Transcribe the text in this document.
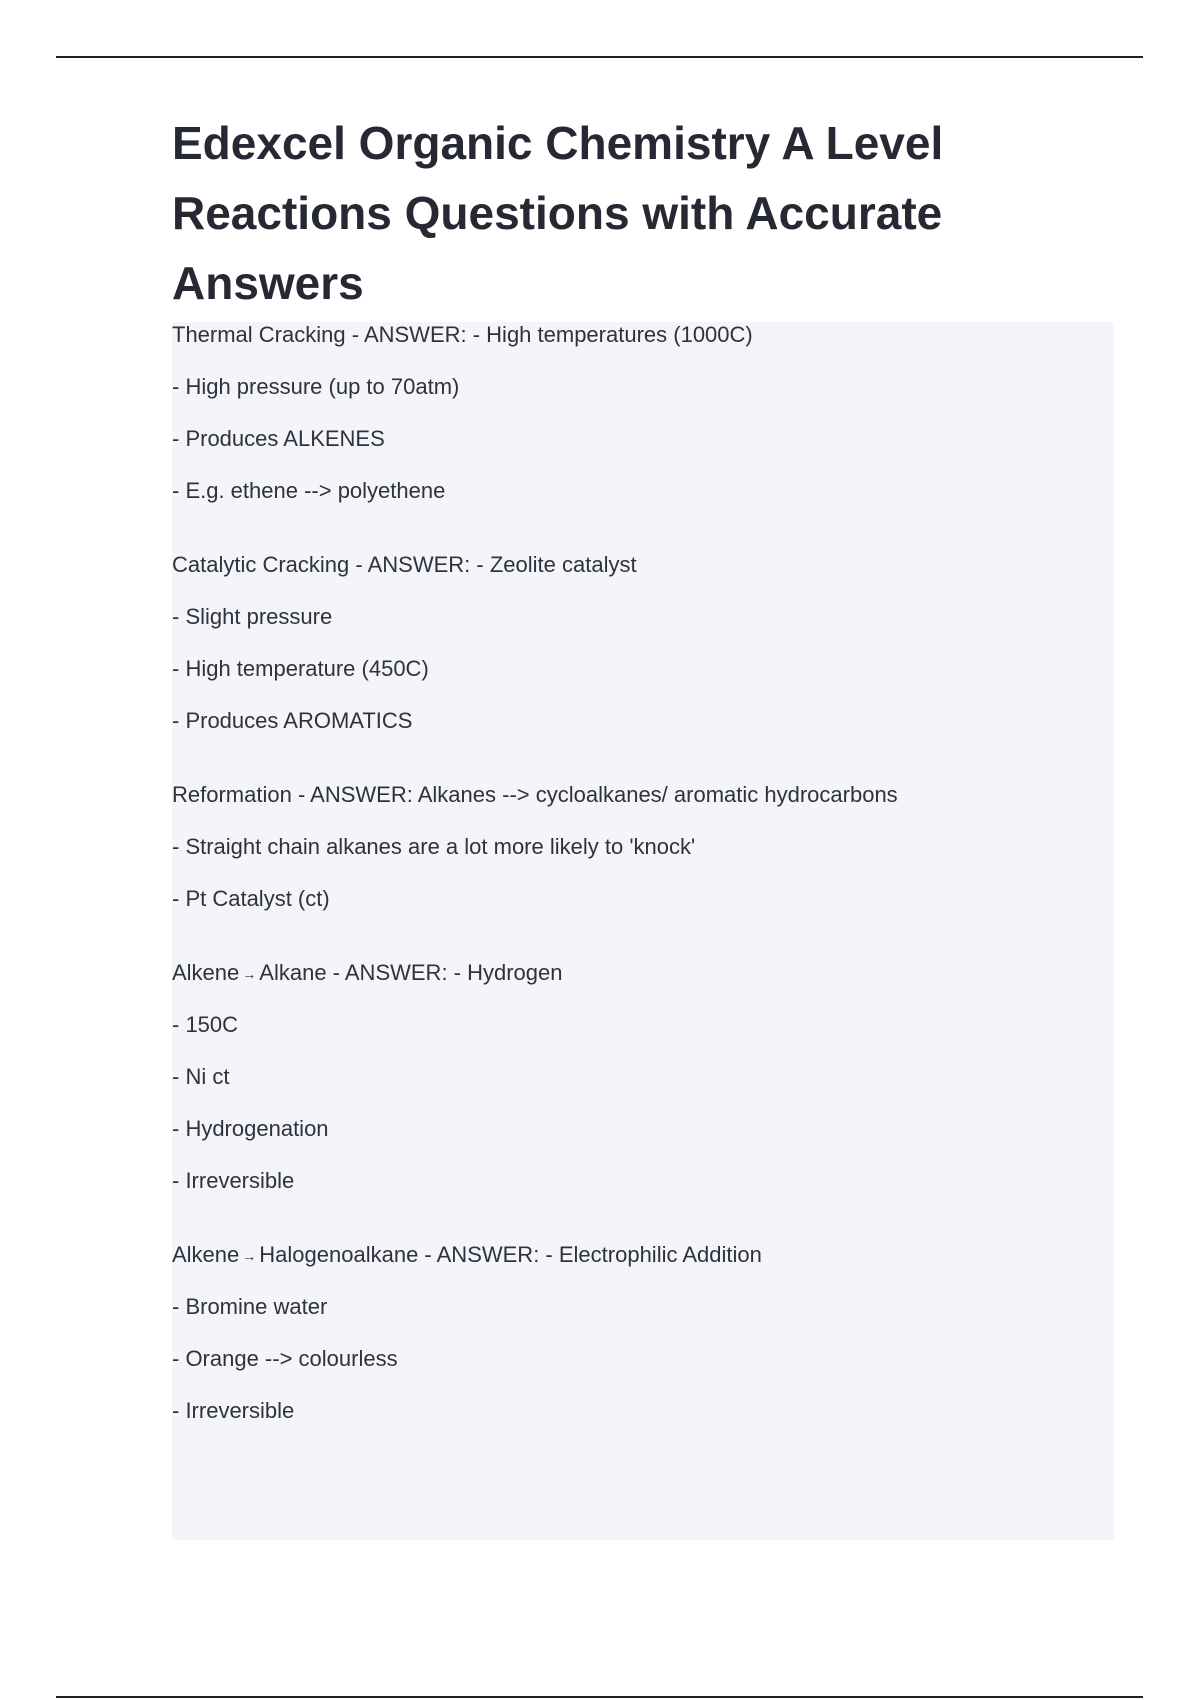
Edexcel Organic Chemistry A Level Reactions Questions with Accurate Answers
Thermal Cracking - ANSWER: - High temperatures (1000C)
- High pressure (up to 70atm)
- Produces ALKENES
- E.g. ethene --> polyethene
Catalytic Cracking - ANSWER: - Zeolite catalyst
- Slight pressure
- High temperature (450C)
- Produces AROMATICS
Reformation - ANSWER: Alkanes --> cycloalkanes/ aromatic hydrocarbons
- Straight chain alkanes are a lot more likely to 'knock'
- Pt Catalyst (ct)
Alkene → Alkane - ANSWER: - Hydrogen
- 150C
- Ni ct
- Hydrogenation
- Irreversible
Alkene → Halogenoalkane - ANSWER: - Electrophilic Addition
- Bromine water
- Orange --> colourless
- Irreversible
